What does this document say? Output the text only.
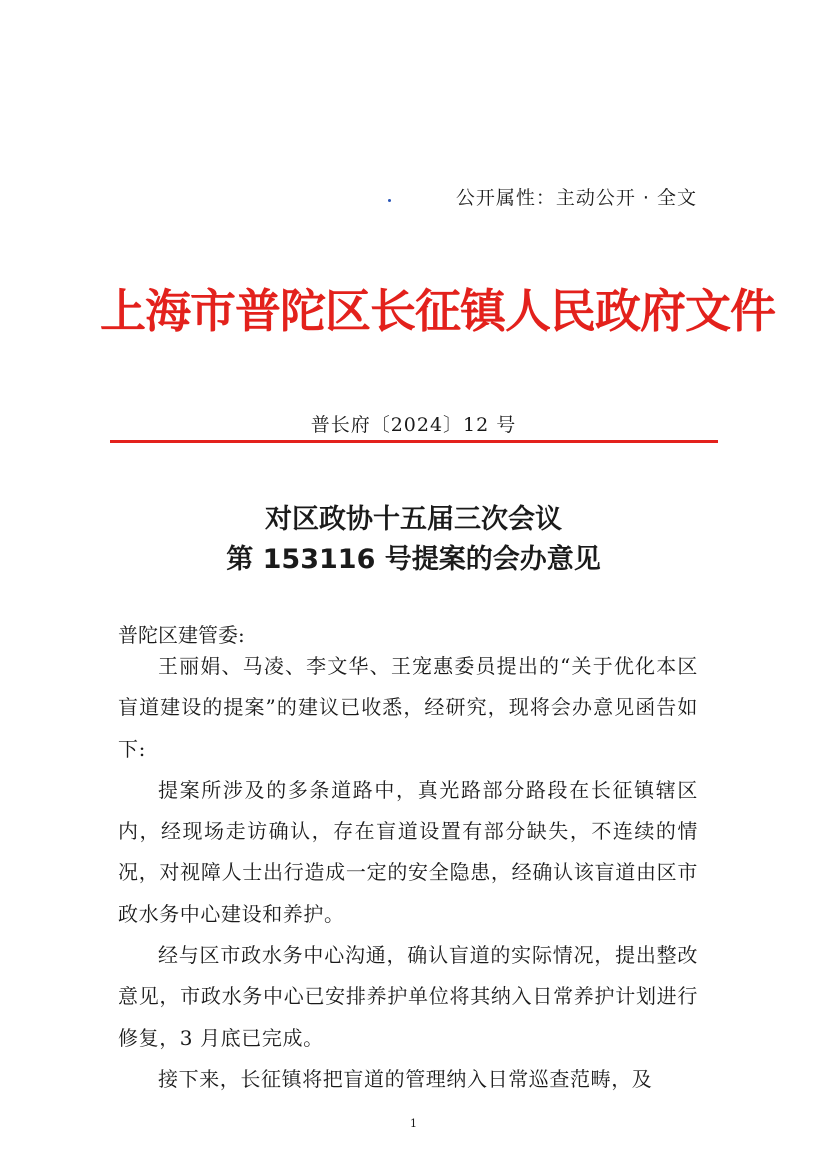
公开属性：主动公开 · 全文
上海市普陀区长征镇人民政府文件
普长府〔2024〕12 号
对区政协十五届三次会议
第 153116 号提案的会办意见
普陀区建管委:

王丽娟、马凌、李文华、王宠惠委员提出的“关于优化本区盲道建设的提案”的建议已收悉，经研究，现将会办意见函告如下:

提案所涉及的多条道路中，真光路部分路段在长征镇辖区内，经现场走访确认，存在盲道设置有部分缺失，不连续的情况，对视障人士出行造成一定的安全隐患，经确认该盲道由区市政水务中心建设和养护。

经与区市政水务中心沟通，确认盲道的实际情况，提出整改意见，市政水务中心已安排养护单位将其纳入日常养护计划进行修复，3 月底已完成。

接下来，长征镇将把盲道的管理纳入日常巡查范畴，及

1
